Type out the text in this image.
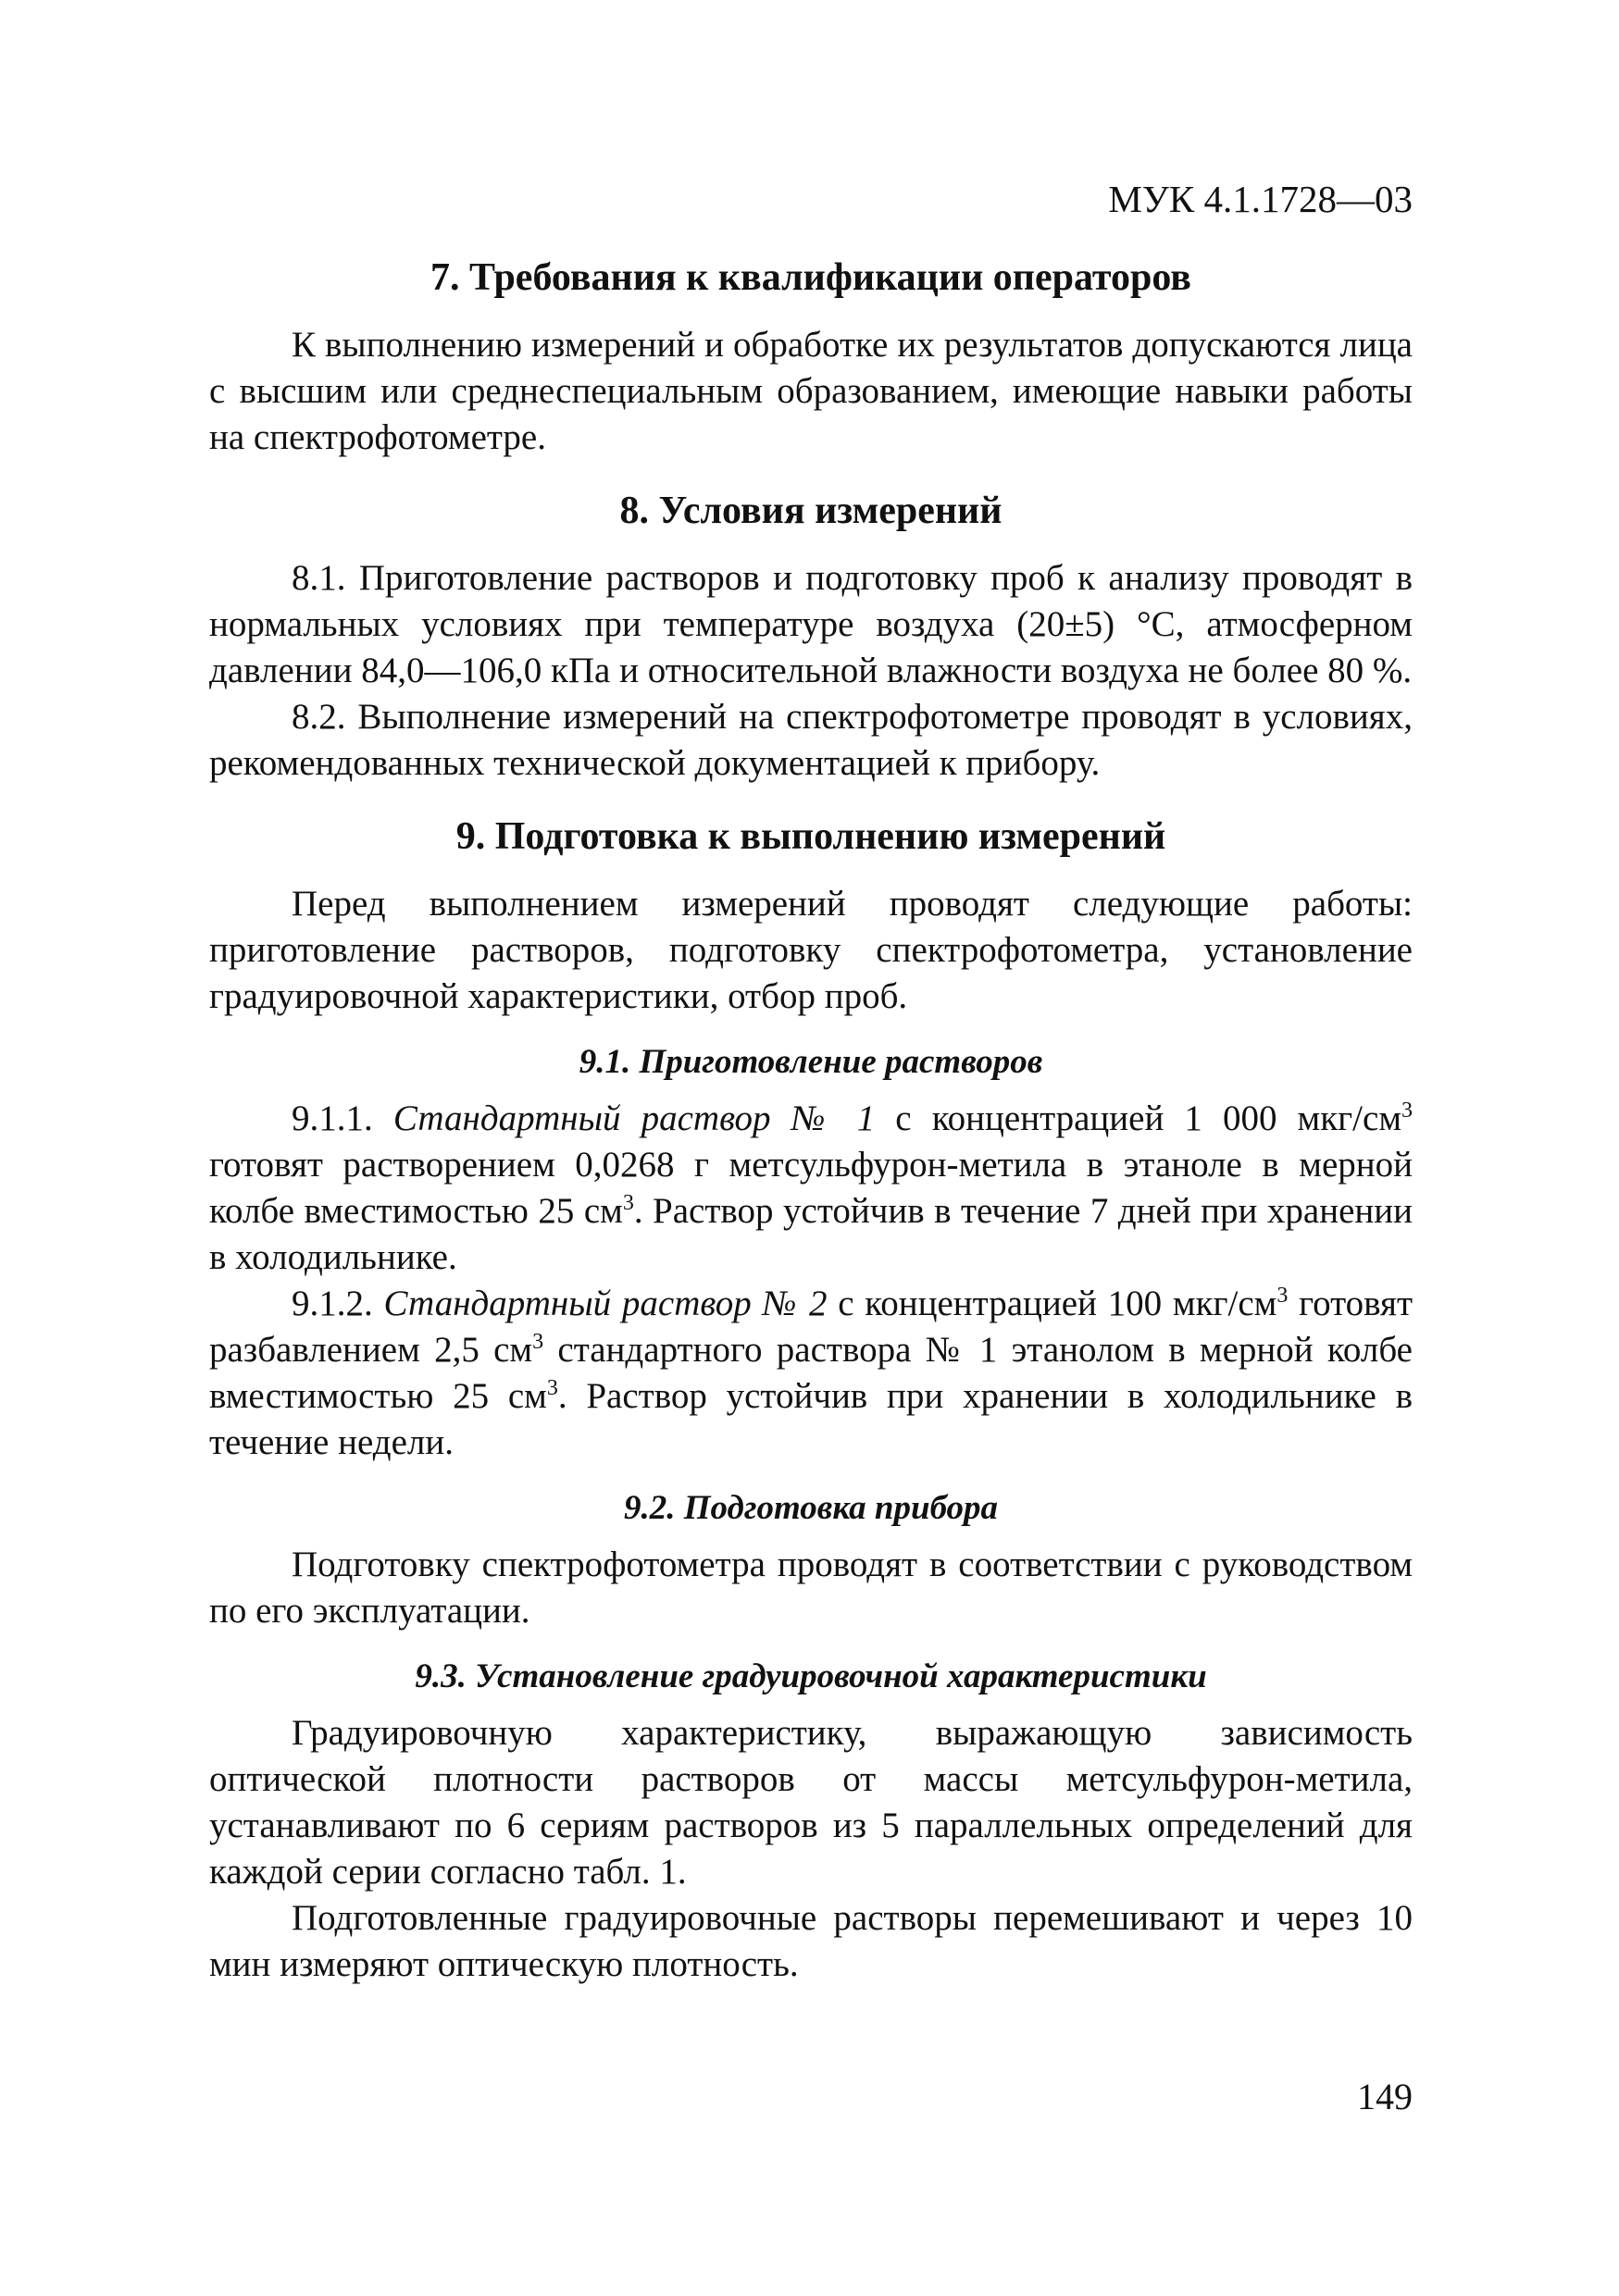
МУК 4.1.1728—03
7. Требования к квалификации операторов

К выполнению измерений и обработке их результатов допускаются лица с высшим или среднеспециальным образованием, имеющие навыки работы на спектрофотометре.

8. Условия измерений

8.1. Приготовление растворов и подготовку проб к анализу проводят в нормальных условиях при температуре воздуха (20±5) °С, атмосферном давлении 84,0—106,0 кПа и относительной влажности воздуха не более 80 %.

8.2. Выполнение измерений на спектрофотометре проводят в условиях, рекомендованных технической документацией к прибору.

9. Подготовка к выполнению измерений

Перед выполнением измерений проводят следующие работы: приготовление растворов, подготовку спектрофотометра, установление градуировочной характеристики, отбор проб.

9.1. Приготовление растворов

9.1.1. Стандартный раствор № 1 с концентрацией 1 000 мкг/$см^3$ готовят растворением 0,0268 г метсульфурон-метила в этаноле в мерной колбе вместимостью 25 $см^3$. Раствор устойчив в течение 7 дней при хранении в холодильнике.

9.1.2. Стандартный раствор № 2 с концентрацией 100 мкг/$см^3$ готовят разбавлением 2,5 $см^3$ стандартного раствора № 1 этанолом в мерной колбе вместимостью 25 $см^3$. Раствор устойчив при хранении в холодильнике в течение недели.

9.2. Подготовка прибора

Подготовку спектрофотометра проводят в соответствии с руководством по его эксплуатации.

9.3. Установление градуировочной характеристики

Градуировочную характеристику, выражающую зависимость оптической плотности растворов от массы метсульфурон-метила, устанавливают по 6 сериям растворов из 5 параллельных определений для каждой серии согласно табл. 1.

Подготовленные градуировочные растворы перемешивают и через 10 мин измеряют оптическую плотность.

149
